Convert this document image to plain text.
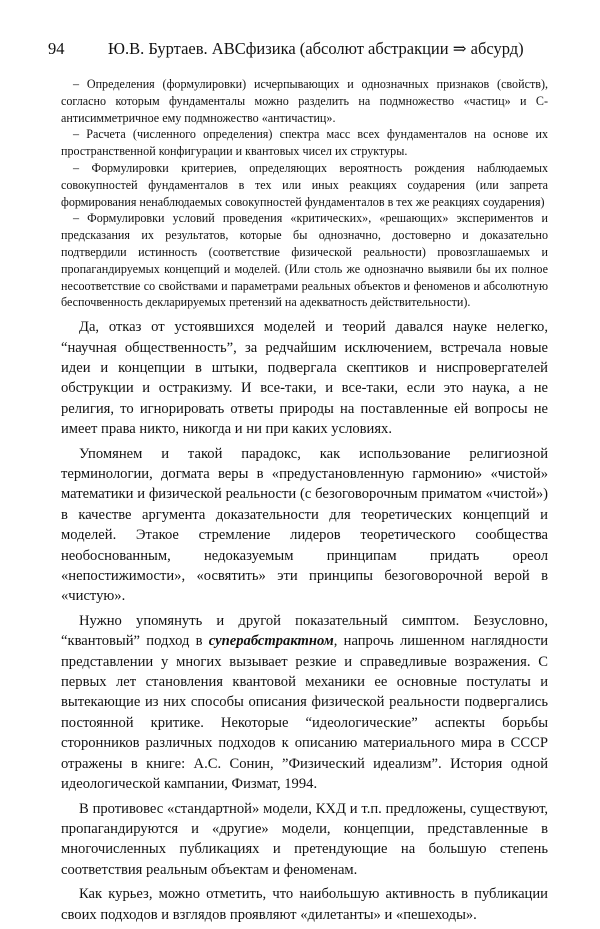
94	Ю.В. Буртаев. ABCфизика (абсолют абстракции ⇒ абсурд)

– Определения (формулировки) исчерпывающих и однозначных признаков (свойств), согласно которым фундаменталы можно разделить на подмножество «частиц» и С-антисимметричное ему подмножество «античастиц».

– Расчета (численного определения) спектра масс всех фундаменталов на основе их пространственной конфигурации и квантовых чисел их структуры.

– Формулировки критериев, определяющих вероятность рождения наблюдаемых совокупностей фундаменталов в тех или иных реакциях соударения (или запрета формирования ненаблюдаемых совокупностей фундаменталов в тех же реакциях соударения)

– Формулировки условий проведения «критических», «решающих» экспериментов и предсказания их результатов, которые бы однозначно, достоверно и доказательно подтвердили истинность (соответствие физической реальности) провозглашаемых и пропагандируемых концепций и моделей. (Или столь же однозначно выявили бы их полное несоответствие со свойствами и параметрами реальных объектов и феноменов и абсолютную беспочвенность декларируемых претензий на адекватность действительности).

Да, отказ от устоявшихся моделей и теорий давался науке нелегко, “научная общественность”, за редчайшим исключением, встречала новые идеи и концепции в штыки, подвергала скептиков и ниспровергателей обструкции и остракизму. И все-таки, и все-таки, если это наука, а не религия, то игнорировать ответы природы на поставленные ей вопросы не имеет права никто, никогда и ни при каких условиях.

Упомянем и такой парадокс, как использование религиозной терминологии, догмата веры в «предустановленную гармонию» «чистой» математики и физической реальности (с безоговорочным приматом «чистой») в качестве аргумента доказательности для теоретических концепций и моделей. Этакое стремление лидеров теоретического сообщества необоснованным, недоказуемым принципам придать ореол «непостижимости», «освятить» эти принципы безоговорочной верой в «чистую».

Нужно упомянуть и другой показательный симптом. Безусловно, “квантовый” подход в суперабстрактном, напрочь лишенном наглядности представлении у многих вызывает резкие и справедливые возражения. С первых лет становления квантовой механики ее основные постулаты и вытекающие из них способы описания физической реальности подвергались постоянной критике. Некоторые “идеологические” аспекты борьбы сторонников различных подходов к описанию материального мира в СССР отражены в книге: А.С. Сонин, ”Физический идеализм”. История одной идеологической кампании, Физмат, 1994.

В противовес «стандартной» модели, КХД и т.п. предложены, существуют, пропагандируются и «другие» модели, концепции, представленные в многочисленных публикациях и претендующие на большую степень соответствия реальным объектам и феноменам.

Как курьез, можно отметить, что наибольшую активность в публикации своих подходов и взглядов проявляют «дилетанты» и «пешеходы».
